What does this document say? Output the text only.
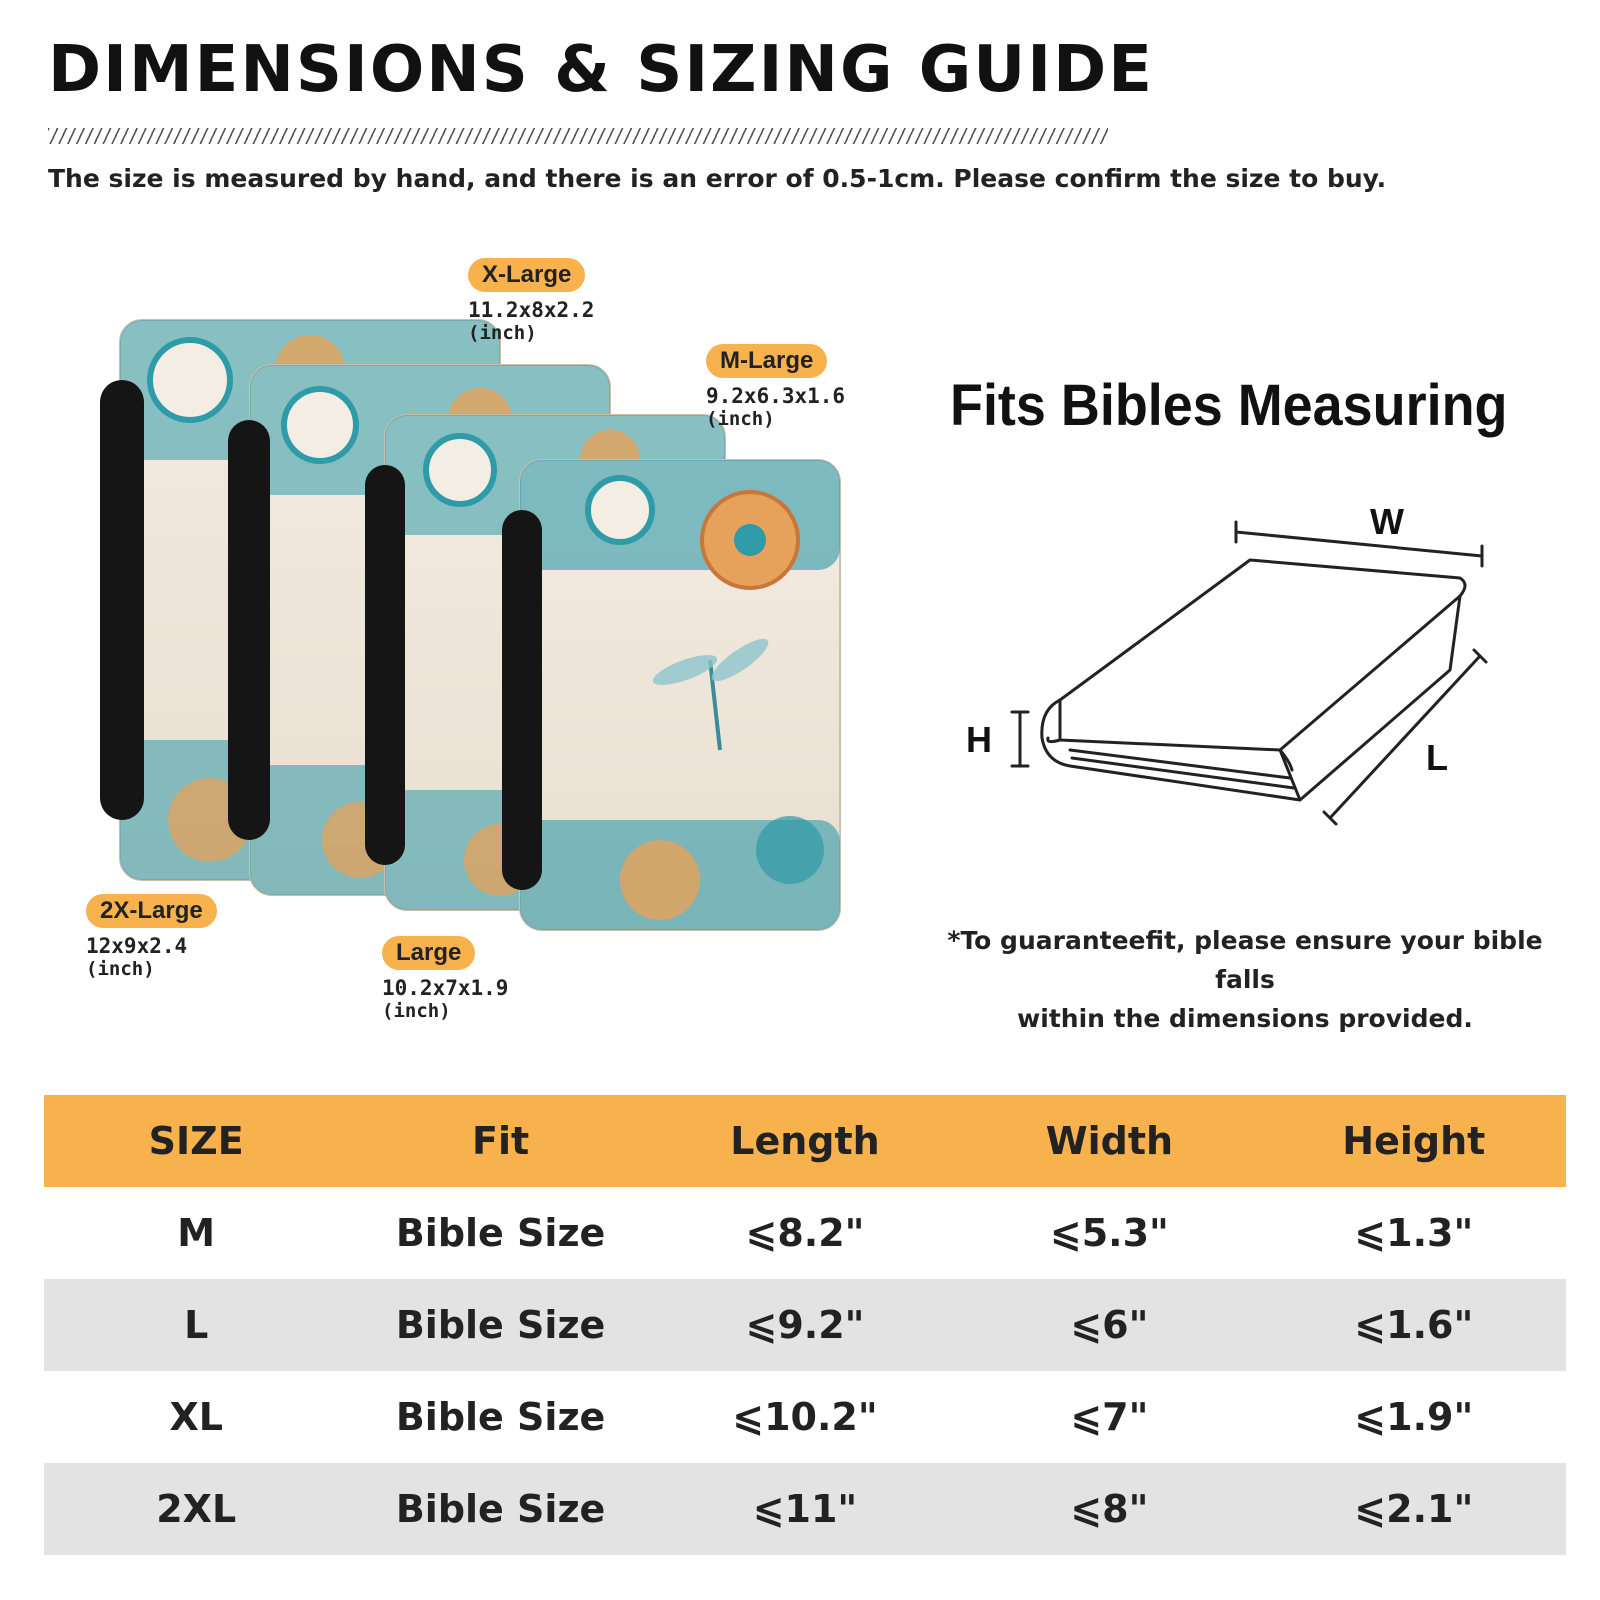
DIMENSIONS & SIZING GUIDE

The size is measured by hand, and there is an error of 0.5-1cm. Please confirm the size to buy.

X-Large
11.2x8x2.2
(inch)
M-Large
9.2x6.3x1.6
(inch)
2X-Large
12x9x2.4
(inch)
Large
10.2x7x1.9
(inch)
Fits Bibles Measuring
W
H	L

*To guaranteefit, please ensure your bible falls
within the dimensions provided.

SIZE	Fit	Length	Width	Height
M	Bible Size	⩽8.2"	⩽5.3"	⩽1.3"
L	Bible Size	⩽9.2"	⩽6"	⩽1.6"
XL	Bible Size	⩽10.2"	⩽7"	⩽1.9"
2XL	Bible Size	⩽11"	⩽8"	⩽2.1"
